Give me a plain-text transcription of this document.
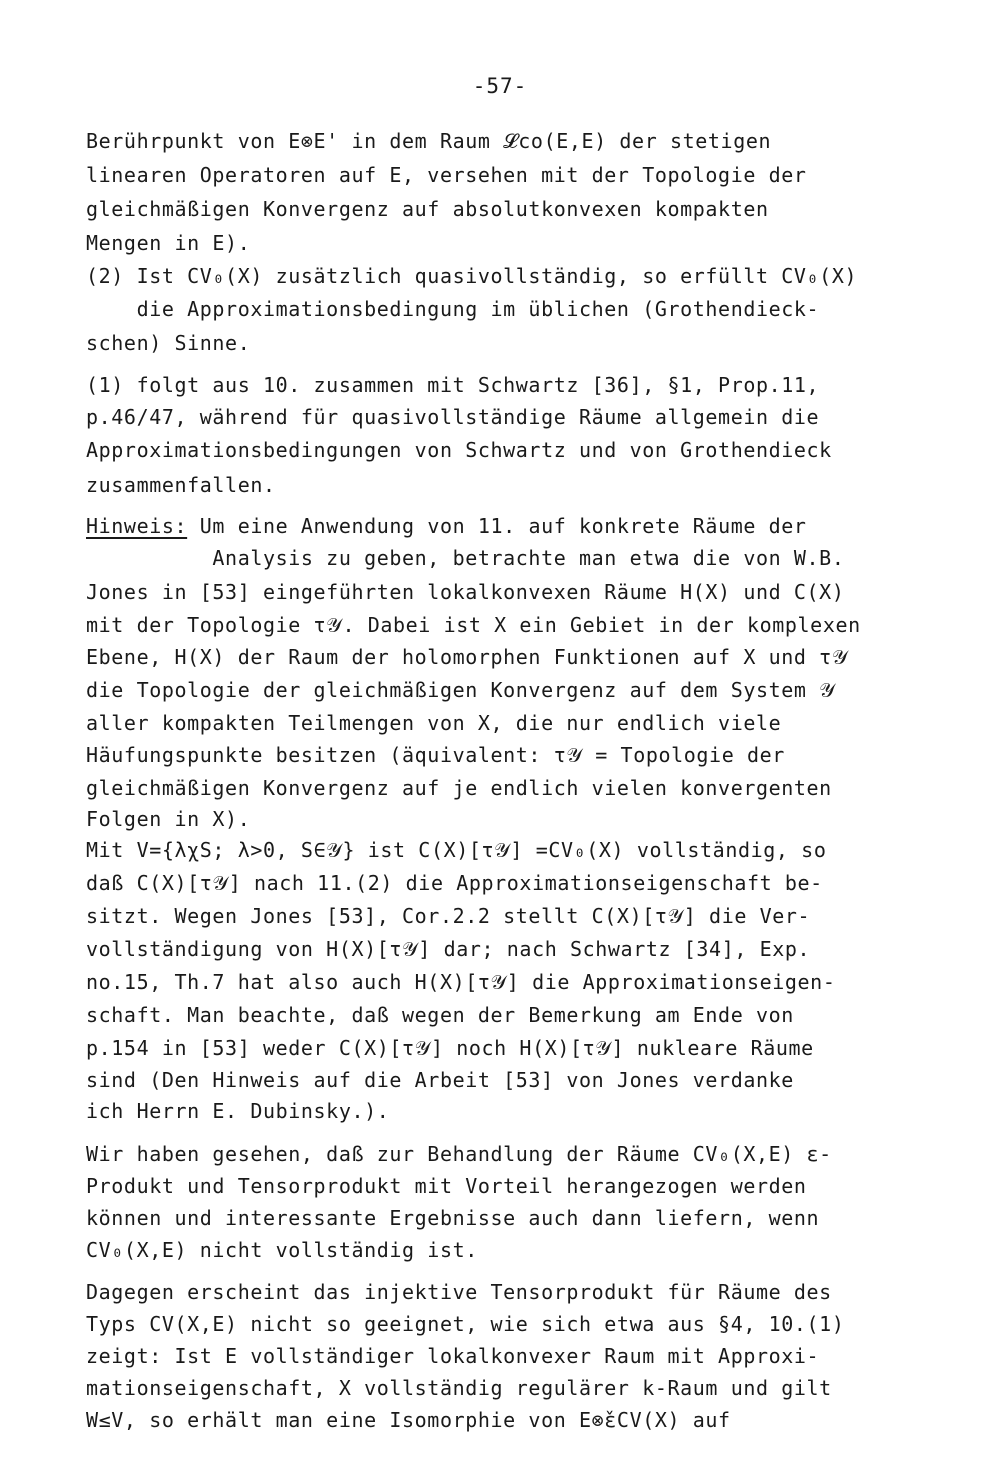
-57-
Berührpunkt von E⊗E' in dem Raum 𝓛co(E,E) der stetigen
linearen Operatoren auf E, versehen mit der Topologie der
gleichmäßigen Konvergenz auf absolutkonvexen kompakten
Mengen in E).
(2) Ist CV₀(X) zusätzlich quasivollständig, so erfüllt CV₀(X)
die Approximationsbedingung im üblichen (Grothendieck-
schen) Sinne.
(1) folgt aus 10. zusammen mit Schwartz [36], §1, Prop.11,
p.46/47, während für quasivollständige Räume allgemein die
Approximationsbedingungen von Schwartz und von Grothendieck
zusammenfallen.
Hinweis: Um eine Anwendung von 11. auf konkrete Räume der
Analysis zu geben, betrachte man etwa die von W.B.
Jones in [53] eingeführten lokalkonvexen Räume H(X) und C(X)
mit der Topologie τ𝒴. Dabei ist X ein Gebiet in der komplexen
Ebene, H(X) der Raum der holomorphen Funktionen auf X und τ𝒴
die Topologie der gleichmäßigen Konvergenz auf dem System 𝒴
aller kompakten Teilmengen von X, die nur endlich viele
Häufungspunkte besitzen (äquivalent: τ𝒴 = Topologie der
gleichmäßigen Konvergenz auf je endlich vielen konvergenten
Folgen in X).
Mit V={λχS; λ>0, S∈𝒴} ist C(X)[τ𝒴] =CV₀(X) vollständig, so
daß C(X)[τ𝒴] nach 11.(2) die Approximationseigenschaft be-
sitzt. Wegen Jones [53], Cor.2.2 stellt C(X)[τ𝒴] die Ver-
vollständigung von H(X)[τ𝒴] dar; nach Schwartz [34], Exp.
no.15, Th.7 hat also auch H(X)[τ𝒴] die Approximationseigen-
schaft. Man beachte, daß wegen der Bemerkung am Ende von
p.154 in [53] weder C(X)[τ𝒴] noch H(X)[τ𝒴] nukleare Räume
sind (Den Hinweis auf die Arbeit [53] von Jones verdanke
ich Herrn E. Dubinsky.).
Wir haben gesehen, daß zur Behandlung der Räume CV₀(X,E) ε-
Produkt und Tensorprodukt mit Vorteil herangezogen werden
können und interessante Ergebnisse auch dann liefern, wenn
CV₀(X,E) nicht vollständig ist.
Dagegen erscheint das injektive Tensorprodukt für Räume des
Typs CV(X,E) nicht so geeignet, wie sich etwa aus §4, 10.(1)
zeigt: Ist E vollständiger lokalkonvexer Raum mit Approxi-
mationseigenschaft, X vollständig regulärer k-Raum und gilt
W≤V, so erhält man eine Isomorphie von E⊗̌εCV(X) auf
